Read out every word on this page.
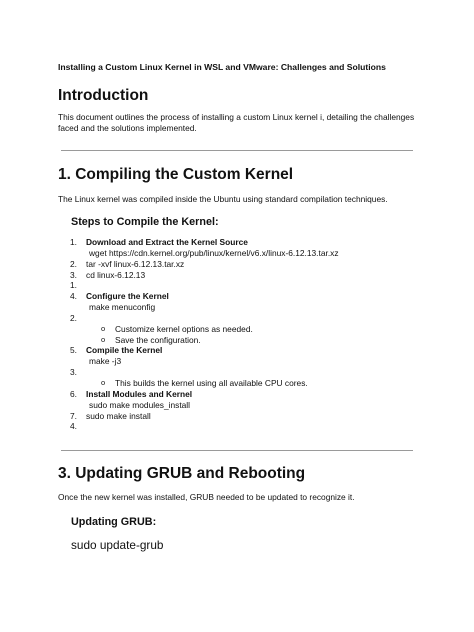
Installing a Custom Linux Kernel in WSL and VMware: Challenges and Solutions
Introduction
This document outlines the process of installing a custom Linux kernel i, detailing the challenges faced and the solutions implemented.
1. Compiling the Custom Kernel
The Linux kernel was compiled inside the Ubuntu using standard compilation techniques.
Steps to Compile the Kernel:
1. Download and Extract the Kernel Source
wget https://cdn.kernel.org/pub/linux/kernel/v6.x/linux-6.12.13.tar.xz
2. tar -xvf linux-6.12.13.tar.xz
3. cd linux-6.12.13
1.
4. Configure the Kernel
make menuconfig
2.
o Customize kernel options as needed.
o Save the configuration.
5. Compile the Kernel
make -j3
3.
o This builds the kernel using all available CPU cores.
6. Install Modules and Kernel
sudo make modules_install
7. sudo make install
4.
3. Updating GRUB and Rebooting
Once the new kernel was installed, GRUB needed to be updated to recognize it.
Updating GRUB:
sudo update-grub
